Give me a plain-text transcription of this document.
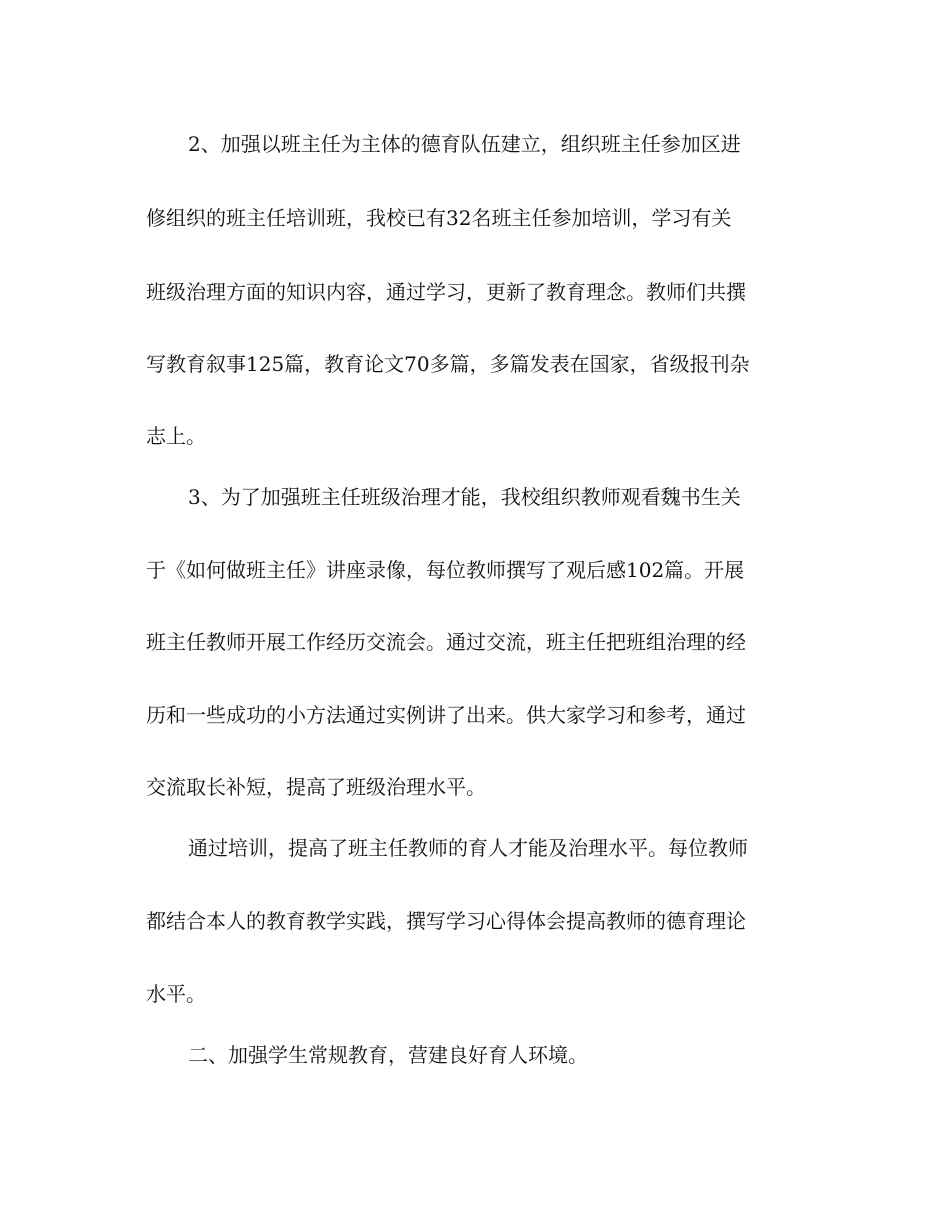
2、加强以班主任为主体的德育队伍建立，组织班主任参加区进
修组织的班主任培训班，我校已有32名班主任参加培训，学习有关
班级治理方面的知识内容，通过学习，更新了教育理念。教师们共撰
写教育叙事125篇，教育论文70多篇，多篇发表在国家，省级报刊杂
志上。
3、为了加强班主任班级治理才能，我校组织教师观看魏书生关
于《如何做班主任》讲座录像，每位教师撰写了观后感102篇。开展
班主任教师开展工作经历交流会。通过交流，班主任把班组治理的经
历和一些成功的小方法通过实例讲了出来。供大家学习和参考，通过
交流取长补短，提高了班级治理水平。
通过培训，提高了班主任教师的育人才能及治理水平。每位教师
都结合本人的教育教学实践，撰写学习心得体会提高教师的德育理论
水平。
二、加强学生常规教育，营建良好育人环境。
